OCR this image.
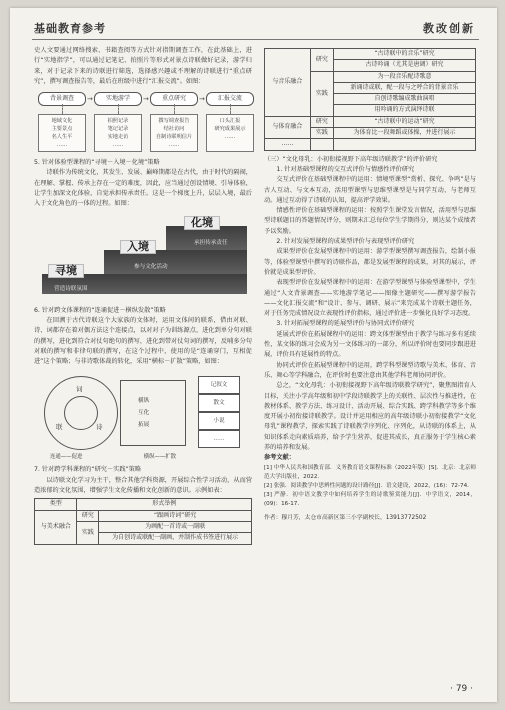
基础教育参考	教改创新

史人文要通过网络搜索、书籍查阅等方式针对指期调查工作，在此基础上，进行“实地指学”，可以通过记笔记、拍照片等形式对景点诗联做好记录，游学归来，对于记录下来的诗联进行筛选，选择感兴趣或不理解的诗联进行“重点研究”，撰写调查报告等，最后在班级中进行“汇报交流”。如图：

背景调查	→	实地游学	→	重点研究	→	汇报交流
地域文化
主要景点
名人生平
……
拍照记录
笔记记录
实地走访
……
撰写调查报告
结社访问
自制诗联明信片
……
口头汇报
研究成果展示
……

5. 针对体验型课程的“寻境－入境－化境”策略

诗联作为传统文化，其发生、发展、巅峰期都是在古代，由于时代的隔阂，在理解、掌握、传承上存在一定的难度，因此，应当通过创设情境、引导体验，让学生加深文化体验，自觉承担传承责任。这是一个梯度上升，层层入境，最后入于文化角色的一体的过程。如图：

寻境
入境
化境
营造诗联氛围
参与文化活动
承担传承责任

6. 针对跨文体课程的“连诵促进－横纵发散”策略

在回溯于古代诗联这个大家族的文体时，运用文体间的联系，借由对联、诗、词都存在着对偶方法这个连接点，以对对子为训练源点，进化到单分句对联的撰写，进化到符合对仗句绝句的撰写，进化到带对仗句词的撰写，反哺多分句对联的撰写和非律句联的撰写，在这个过程中，使用的是“连诵穿门，互相促进”这个策略；与非诗歌体裁的转化，采用“横标－扩散”策略，如图：

词
联	诗
横纵
互化
拓展
记叙文
散文
小说
……
连通——促进	横纵——扩散

7. 针对跨学科课程的“研究－实践”策略

以诗联文化学习为主干，整合其他学科资源，开展综合性学习活动，从而营造浓郁的文化氛围，增强学生文化传播和文化创新的意识。示例如表：

类型	形式举例	
与美术融合	研究	“跟画诗词”研究
	实践	为画配一首诗或一副联
		为自创诗或联配一副画，并制作成书签进行展示
与音乐融合	研究	“古诗联中的音乐”研究
		古诗吟诵（尤其是唐调）研究
	实践	为一段音乐配诗歌意
		新诵诗或联，配一段与之呼合的背景音乐
		自创诗歌编成歌曲演唱
		用吟诵的方式演绎诗联
与体育融合	研究	“古诗联中的运动”研究
	实践	为体育比一段舞蹈或体操，并进行展示
……		

（三）“文化母乳：小初衔接视野下高年级诗联教学”的评价研究

1. 针对基础型课程的交互式评价与情感性评价研究

交互式评价在基础型课程中的运用：情境型课型“赏析、探究、争鸣”是与古人互动、与文本互动，活用型课型与思维型课型是与同学互动，与老师互动。通过互动得了诗联的认知，提高评学效果。

情感性评价在基础型课程的运用：按照学生课堂发言情况，活用型与思维型诗联题目的答题情况评分，则期末汇总每位学生学期得分，则达某个成绩者予以奖励。

2. 针对发展型课程的成果型评价与表现型评价研究

成果型评价在发展型课程中的运用：游学型课型撰写调查报告，绘制小报等，体验型课型中撰写的诗联作品，都是发展型课程的成果，对其的展示，评价就是成果型评价。

表现型评价在发展型课程中的运用：在游学型课型与体验型课型中，学生通过“人文背景调查——实地游学笔记——图像主题研究——撰写游学报告——文化汇报交流”和“设计、参与、调研、展示”来完成某个诗联主题任务，对于任务完成情况设立表现性评价指标，通过评价进一步强化良好学习态度。

3. 针对拓展型课程的延展型评价与协同式评价研究

延展式评价在拓展课程中的运用：跨文体型课型由于教学与练习多有延续性，某文体的练习会成为另一文体练习的一部分，所以评价时也要同步跟进进展，评价具有延展性的特点。

协同式评价在拓展型课程中的运用，跨学科型课型诗歌与美术、体育、音乐、舞心等学科融合，在评价时也要注意由其他学科老师协同评价。

总之，“文化母乳：小初衔接视野下高年级诗联教学研究”，聚焦图指育人目标，关注小学高年级和初中学段诗联教学上的关联性、层次性与推进性，在教材体系、教学方法、练习设计、活动开展、综合实践、跨学科教学等多个维度开展小初衔接诗联教学。设计并运用相应的高年级诗联小初衔接教学“文化母乳”课程教学，探索实践了诗联教学序列化、序列化，从诗联的体系上，从知识体系走向素质培养，给予学生营养，促进其成长，真正服务于学生核心素养的培养和发展。

参考文献：

[1] 中华人民共和国教育部．义务教育语文课程标准（2022年版）[S]．北京：北京师范大学出版社，2022．

[2] 张强．阅读教学中思辨性问题的设计路径[J]．语文建设，2022，(16)：72-74．

[3] 严静．初中语文教学中如何培养学生的诗歌鉴赏能力[J]．中学语文，2014，(09)：16-17．

作者：穆月芳，太仓市高新区第三小学副校长，13913772502

· 79 ·
